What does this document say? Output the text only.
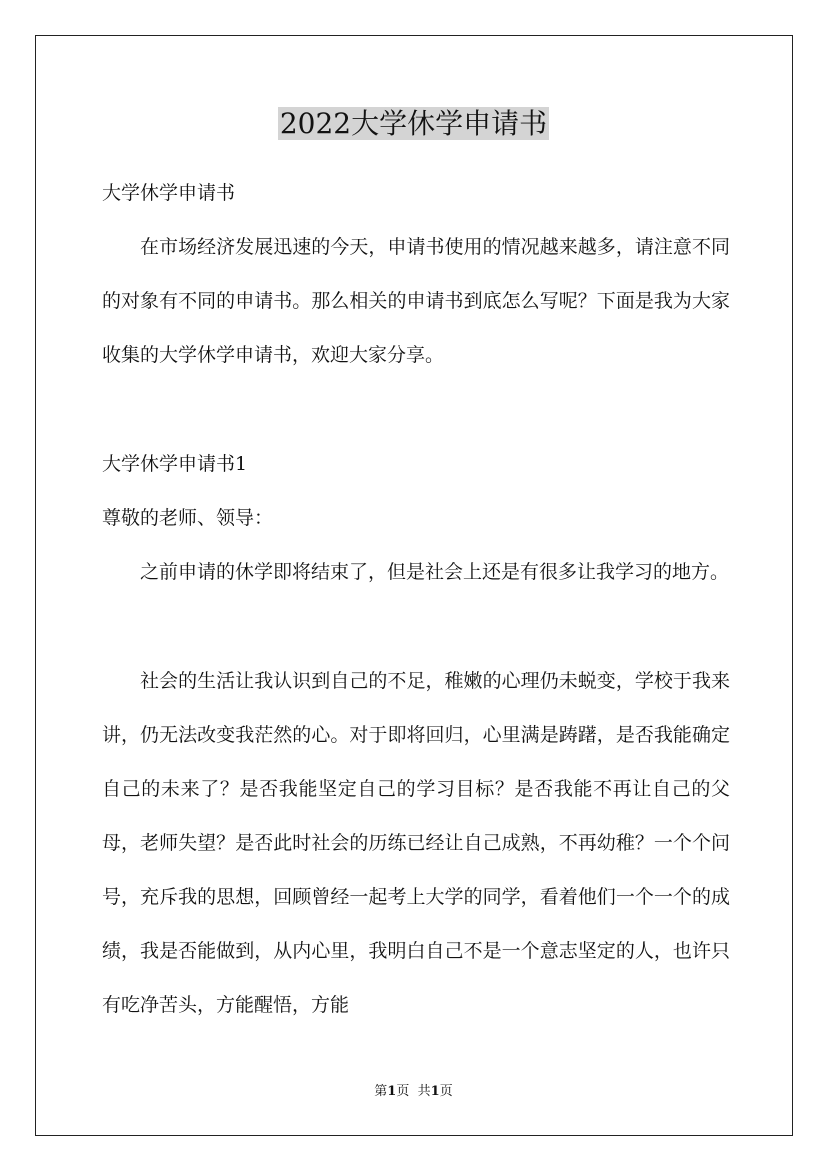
2022大学休学申请书

大学休学申请书

在市场经济发展迅速的今天，申请书使用的情况越来越多，请注意不同的对象有不同的申请书。那么相关的申请书到底怎么写呢？下面是我为大家收集的大学休学申请书，欢迎大家分享。

大学休学申请书1

尊敬的老师、领导：

之前申请的休学即将结束了，但是社会上还是有很多让我学习的地方。

社会的生活让我认识到自己的不足，稚嫩的心理仍未蜕变，学校于我来讲，仍无法改变我茫然的心。对于即将回归，心里满是踌躇，是否我能确定自己的未来了？是否我能坚定自己的学习目标？是否我能不再让自己的父母，老师失望？是否此时社会的历练已经让自己成熟，不再幼稚？一个个问号，充斥我的思想，回顾曾经一起考上大学的同学，看着他们一个一个的成绩，我是否能做到，从内心里，我明白自己不是一个意志坚定的人，也许只有吃净苦头，方能醒悟，方能

第1页 共1页
